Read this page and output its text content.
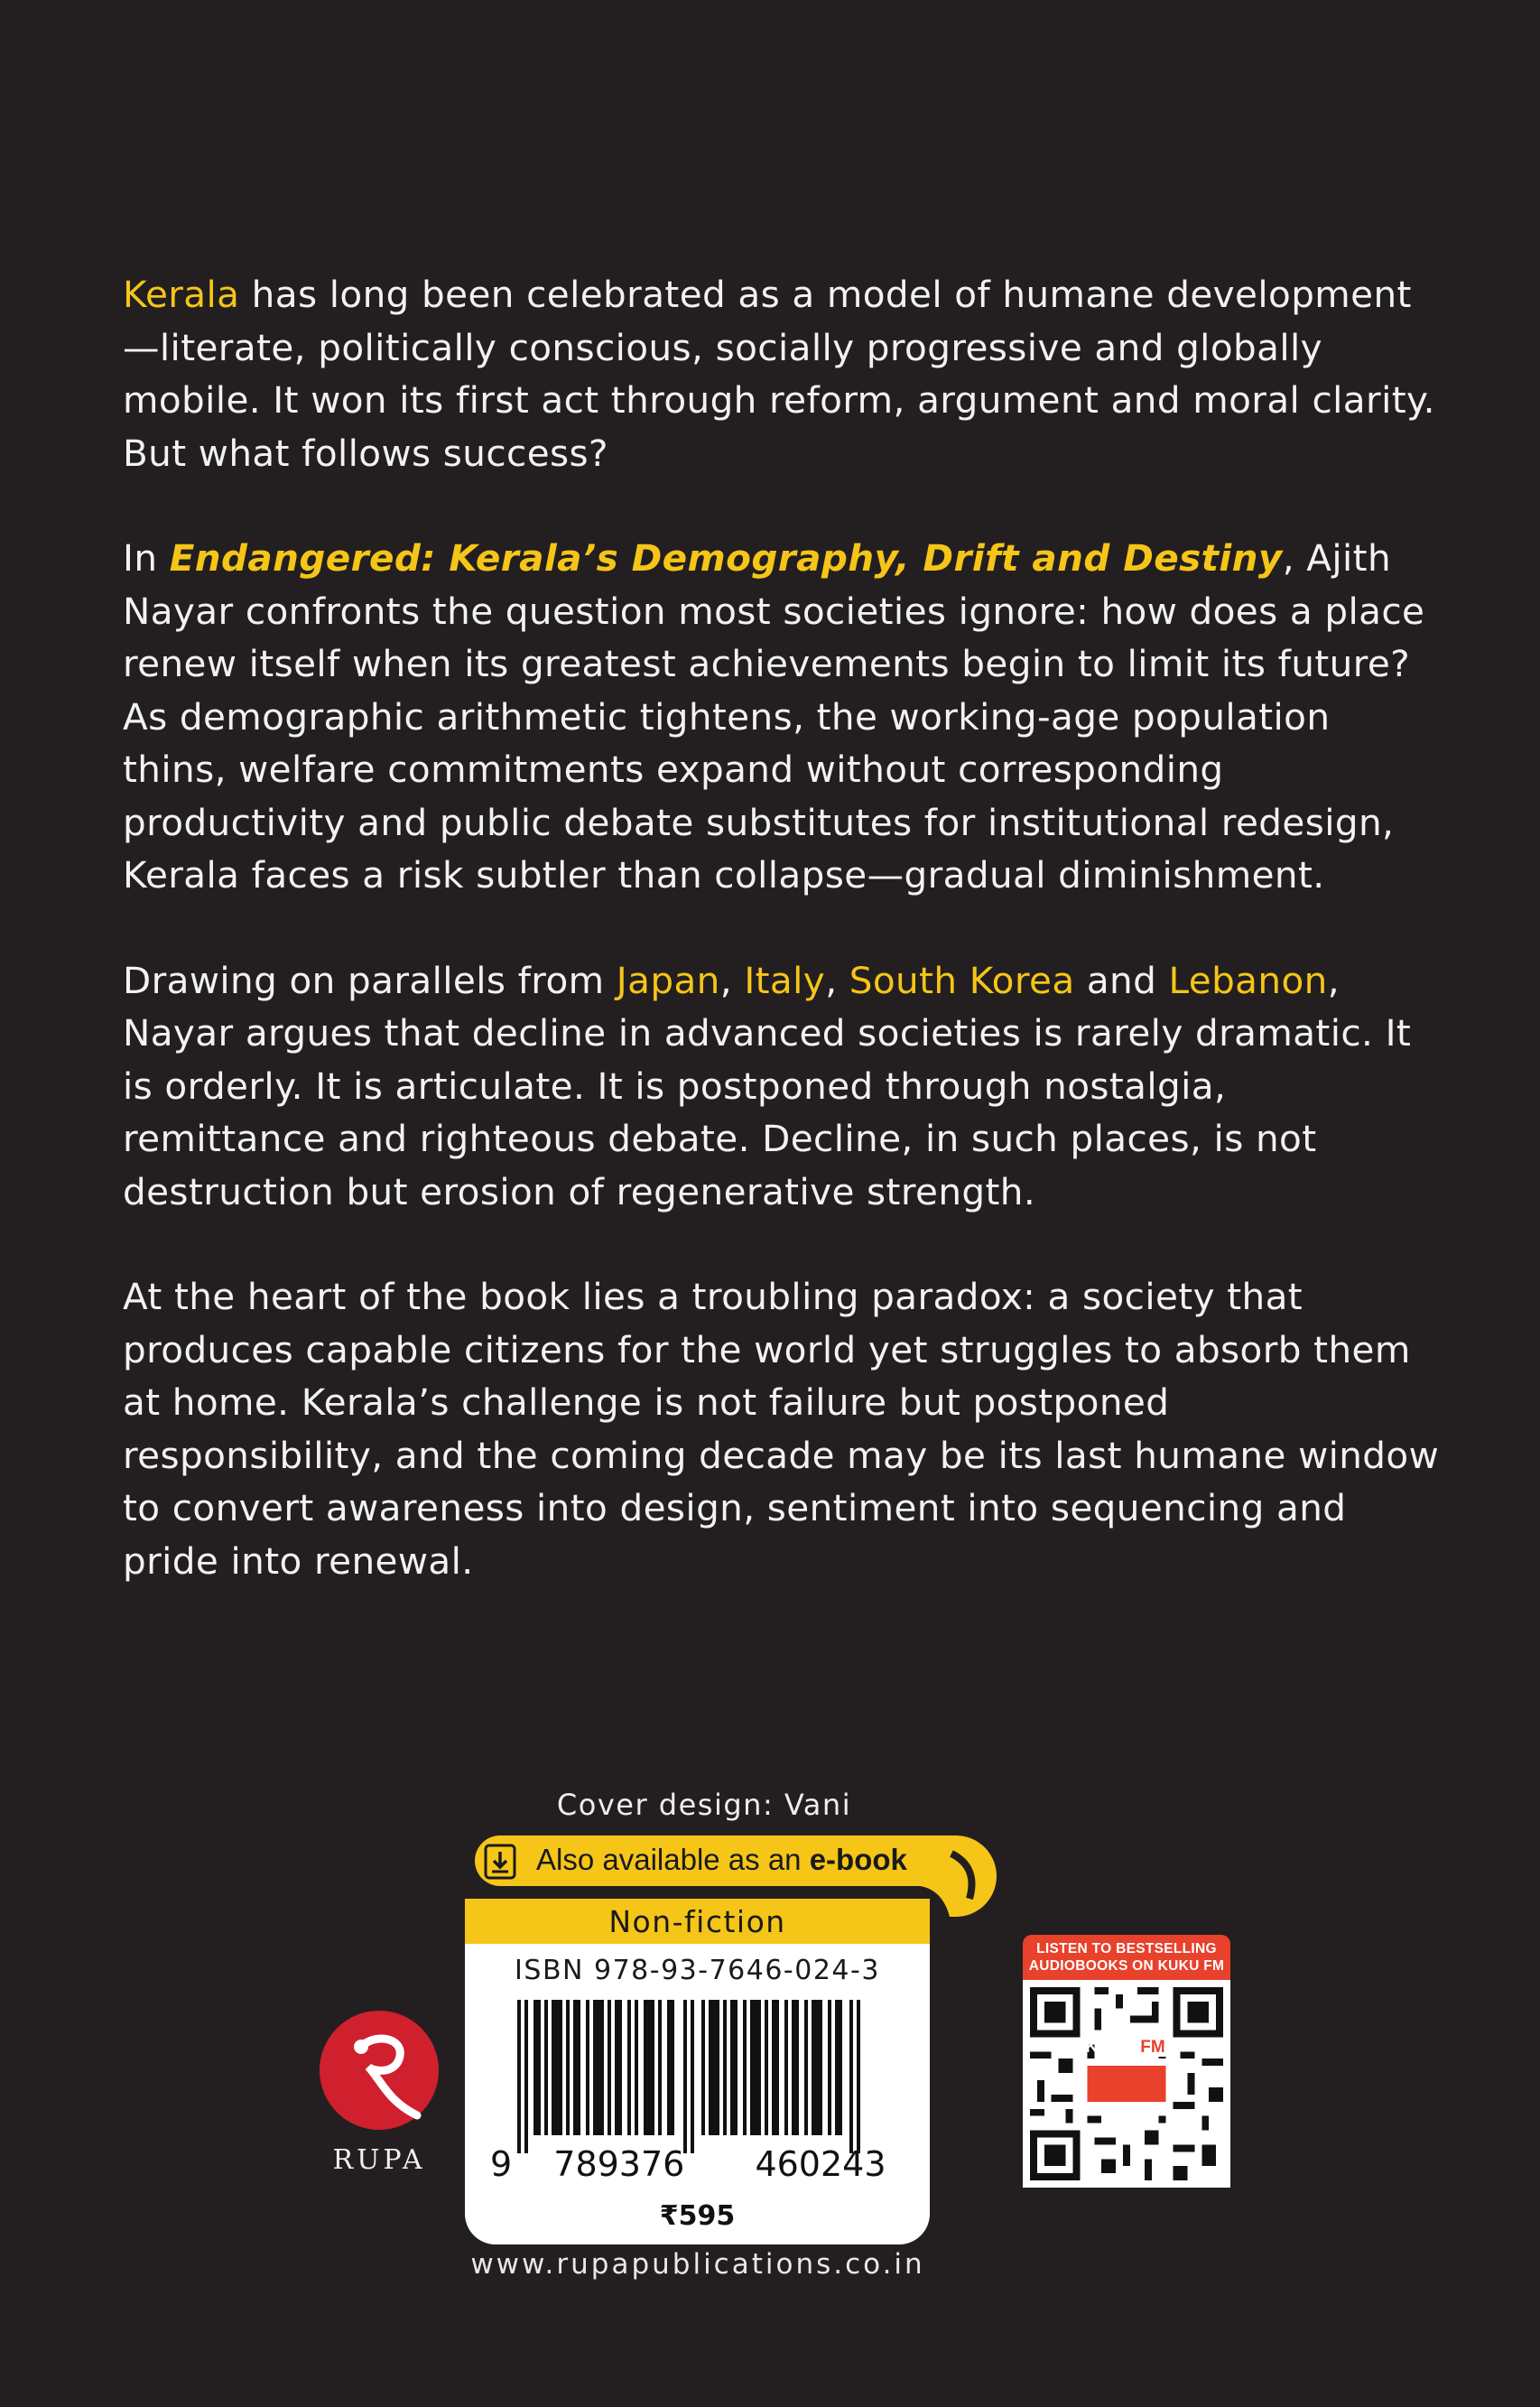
Kerala has long been celebrated as a model of humane development—literate, politically conscious, socially progressive and globally mobile. It won its first act through reform, argument and moral clarity. But what follows success?

In Endangered: Kerala’s Demography, Drift and Destiny, Ajith Nayar confronts the question most societies ignore: how does a place renew itself when its greatest achievements begin to limit its future? As demographic arithmetic tightens, the working-age population thins, welfare commitments expand without corresponding productivity and public debate substitutes for institutional redesign, Kerala faces a risk subtler than collapse—gradual diminishment.

Drawing on parallels from Japan, Italy, South Korea and Lebanon, Nayar argues that decline in advanced societies is rarely dramatic. It is orderly. It is articulate. It is postponed through nostalgia, remittance and righteous debate. Decline, in such places, is not destruction but erosion of regenerative strength.

At the heart of the book lies a troubling paradox: a society that produces capable citizens for the world yet struggles to absorb them at home. Kerala’s challenge is not failure but postponed responsibility, and the coming decade may be its last humane window to convert awareness into design, sentiment into sequencing and pride into renewal.

Cover design: Vani
Also available as an e-book
Non-fiction
ISBN 978-93-7646-024-3
9 789376 460243
₹595
www.rupapublications.co.in
RUPA
LISTEN TO BESTSELLING AUDIOBOOKS ON KUKU FM
KUKU FM
